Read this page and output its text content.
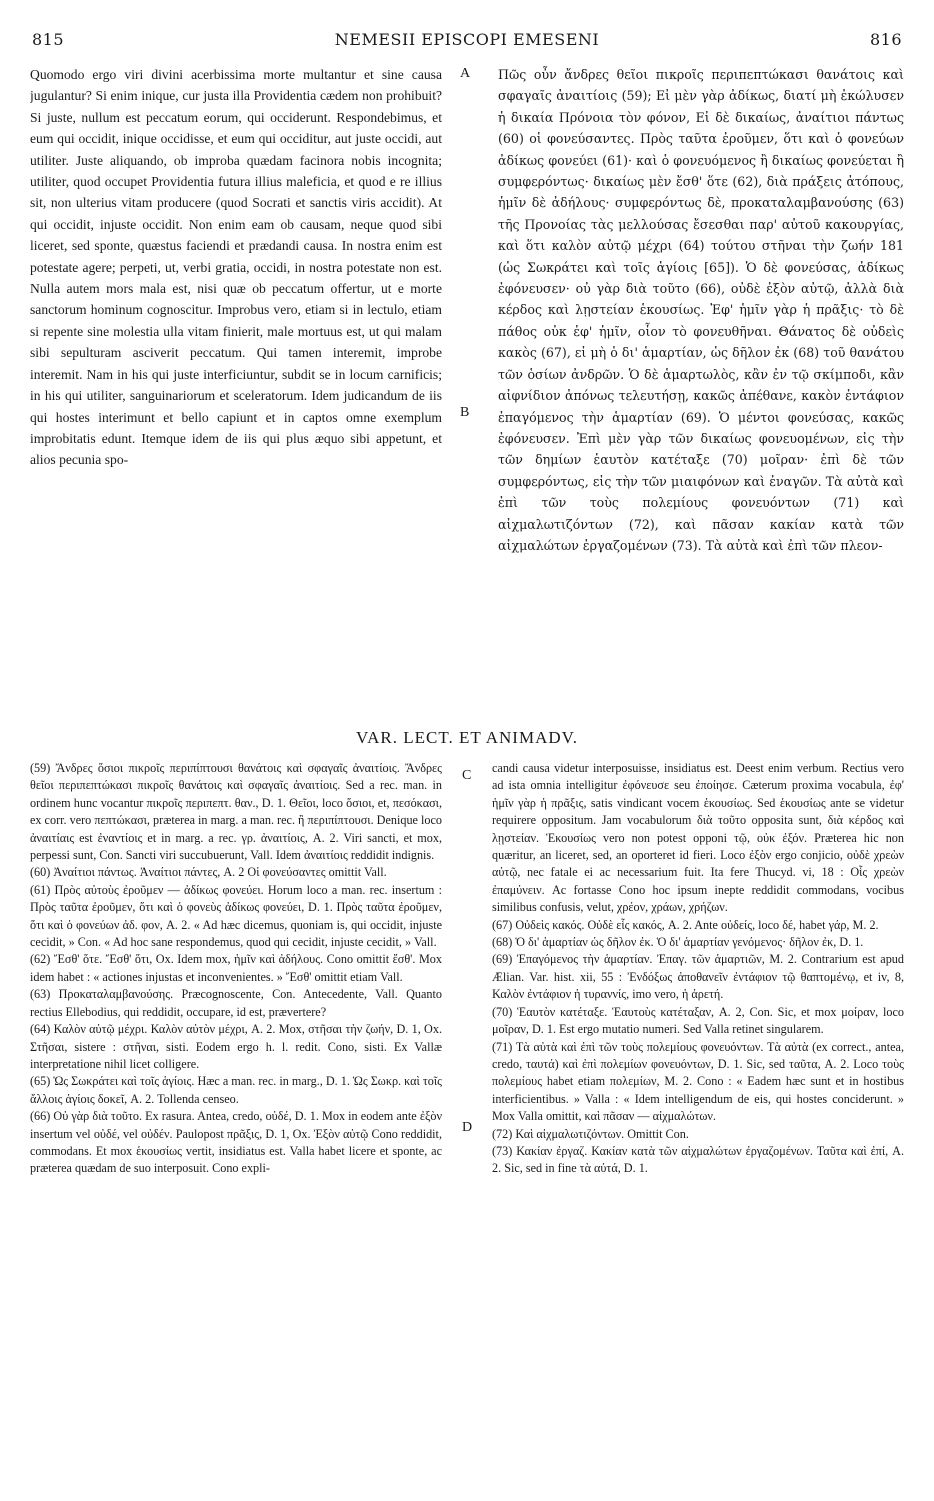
815	NEMESII EPISCOPI EMESENI	816

Quomodo ergo viri divini acerbissima morte multantur et sine causa jugulantur? Si enim inique, cur justa illa Providentia cædem non prohibuit? Si juste, nullum est peccatum eorum, qui occiderunt. Respondebimus, et eum qui occidit, inique occidisse, et eum qui occiditur, aut juste occidi, aut utiliter. Juste aliquando, ob improba quædam facinora nobis incognita; utiliter, quod occupet Providentia futura illius maleficia, et quod e re illius sit, non ulterius vitam producere (quod Socrati et sanctis viris accidit). At qui occidit, injuste occidit. Non enim eam ob causam, neque quod sibi liceret, sed sponte, quæstus faciendi et prædandi causa. In nostra enim est potestate agere; perpeti, ut, verbi gratia, occidi, in nostra potestate non est. Nulla autem mors mala est, nisi quæ ob peccatum offertur, ut e morte sanctorum hominum cognoscitur. Improbus vero, etiam si in lectulo, etiam si repente sine molestia ulla vitam finierit, male mortuus est, ut qui malam sibi sepulturam asciverit peccatum. Qui tamen interemit, improbe interemit. Nam in his qui juste interficiuntur, subdit se in locum carnificis; in his qui utiliter, sanguinariorum et sceleratorum. Idem judicandum de iis qui hostes interimunt et bello capiunt et in captos omne exemplum improbitatis edunt. Itemque idem de iis qui plus æquo sibi appetunt, et alios pecunia spo-

A
B

Πῶς οὖν ἄνδρες θεῖοι πικροῖς περιπεπτώκασι θανάτοις καὶ σφαγαῖς ἀναιτίοις (59); Εἰ μὲν γὰρ ἀδίκως, διατί μὴ ἐκώλυσεν ἡ δικαία Πρόνοια τὸν φόνον, Εἰ δὲ δικαίως, ἀναίτιοι πάντως (60) οἱ φονεύσαντες. Πρὸς ταῦτα ἐροῦμεν, ὅτι καὶ ὁ φονεύων ἀδίκως φονεύει (61)· καὶ ὁ φονευόμενος ἢ δικαίως φονεύεται ἢ συμφερόντως· δικαίως μὲν ἔσθ' ὅτε (62), διὰ πράξεις ἀτόπους, ἡμῖν δὲ ἀδήλους· συμφερόντως δὲ, προκαταλαμβανούσης (63) τῆς Προνοίας τὰς μελλούσας ἔσεσθαι παρ' αὐτοῦ κακουργίας, καὶ ὅτι καλὸν αὐτῷ μέχρι (64) τούτου στῆναι τὴν ζωήν 181 (ὡς Σωκράτει καὶ τοῖς ἁγίοις [65]). Ὁ δὲ φονεύσας, ἀδίκως ἐφόνευσεν· οὐ γὰρ διὰ τοῦτο (66), οὐδὲ ἐξὸν αὐτῷ, ἀλλὰ διὰ κέρδος καὶ λῃστείαν ἑκουσίως. Ἐφ' ἡμῖν γὰρ ἡ πρᾶξις· τὸ δὲ πάθος οὐκ ἐφ' ἡμῖν, οἷον τὸ φονευθῆναι. Θάνατος δὲ οὐδεὶς κακὸς (67), εἰ μὴ ὁ δι' ἁμαρτίαν, ὡς δῆλον ἐκ (68) τοῦ θανάτου τῶν ὁσίων ἀνδρῶν. Ὁ δὲ ἁμαρτωλὸς, κἂν ἐν τῷ σκίμποδι, κἂν αἰφνίδιον ἀπόνως τελευτήσῃ, κακῶς ἀπέθανε, κακὸν ἐντάφιον ἐπαγόμενος τὴν ἁμαρτίαν (69). Ὁ μέντοι φονεύσας, κακῶς ἐφόνευσεν. Ἐπὶ μὲν γὰρ τῶν δικαίως φονευομένων, εἰς τὴν τῶν δημίων ἑαυτὸν κατέταξε (70) μοῖραν· ἐπὶ δὲ τῶν συμφερόντως, εἰς τὴν τῶν μιαιφόνων καὶ ἐναγῶν. Τὰ αὐτὰ καὶ ἐπὶ τῶν τοὺς πολεμίους φονευόντων (71) καὶ αἰχμαλωτιζόντων (72), καὶ πᾶσαν κακίαν κατὰ τῶν αἰχμαλώτων ἐργαζομένων (73). Τὰ αὐτὰ καὶ ἐπὶ τῶν πλεον-

VAR. LECT. ET ANIMADV.

(59) Ἄνδρες ὅσιοι πικροῖς περιπίπτουσι θανάτοις καὶ σφαγαῖς ἀναιτίοις. Ἄνδρες θεῖοι περιπεπτώκασι πικροῖς θανάτοις καὶ σφαγαῖς ἀναιτίοις. Sed a rec. man. in ordinem hunc vocantur πικροῖς περιπεπτ. θαν., D. 1. Θεῖοι, loco ὅσιοι, et, πεσόκασι, ex corr. vero πεπτώκασι, præterea in marg. a man. rec. ἢ περιπίπτουσι. Denique loco ἀναιτίαις est ἐναντίοις et in marg. a rec. γρ. ἀναιτίοις, A. 2. Viri sancti, et mox, perpessi sunt, Con. Sancti viri succubuerunt, Vall. Idem ἀναιτίοις reddidit indignis.

(60) Ἀναίτιοι πάντως. Ἀναίτιοι πάντες, A. 2 Οἱ φονεύσαντες omittit Vall.

(61) Πρὸς αὐτοὺς ἐροῦμεν — ἀδίκως φονεύει. Horum loco a man. rec. insertum : Πρὸς ταῦτα ἐροῦμεν, ὅτι καὶ ὁ φονεὺς ἀδίκως φονεύει, D. 1. Πρὸς ταῦτα ἐροῦμεν, ὅτι καὶ ὁ φονεύων ἀδ. φον, A. 2. « Ad hæc dicemus, quoniam is, qui occidit, injuste cecidit, » Con. « Ad hoc sane respondemus, quod qui cecidit, injuste cecidit, » Vall.

(62) Ἔσθ' ὅτε. Ἔσθ' ὅτι, Ox. Idem mox, ἡμῖν καὶ ἀδήλους. Cono omittit ἔσθ'. Mox idem habet : « actiones injustas et inconvenientes. » Ἔσθ' omittit etiam Vall.

(63) Προκαταλαμβανούσης. Præcognoscente, Con. Antecedente, Vall. Quanto rectius Ellebodius, qui reddidit, occupare, id est, prævertere?

(64) Καλὸν αὐτῷ μέχρι. Καλὸν αὐτὸν μέχρι, A. 2. Mox, στῆσαι τὴν ζωήν, D. 1, Ox. Στῆσαι, sistere : στῆναι, sisti. Eodem ergo h. l. redit. Cono, sisti. Ex Vallæ interpretatione nihil licet colligere.

(65) Ὡς Σωκράτει καὶ τοῖς ἁγίοις. Hæc a man. rec. in marg., D. 1. Ὡς Σωκρ. καὶ τοῖς ἄλλοις ἁγίοις δοκεῖ, A. 2. Tollenda censeo.

(66) Οὐ γὰρ διὰ τοῦτο. Ex rasura. Antea, credo, οὐδέ, D. 1. Mox in eodem ante ἐξὸν insertum vel οὐδέ, vel οὐδέν. Paulopost πρᾶξις, D. 1, Ox. Ἐξὸν αὐτῷ Cono reddidit, commodans. Et mox ἑκουσίως vertit, insidiatus est. Valla habet licere et sponte, ac præterea quædam de suo interposuit. Cono expli-

C
D

candi causa videtur interposuisse, insidiatus est. Deest enim verbum. Rectius vero ad ista omnia intelligitur ἐφόνευσε seu ἐποίησε. Cæterum proxima vocabula, ἐφ' ἡμῖν γὰρ ἡ πρᾶξις, satis vindicant vocem ἑκουσίως. Sed ἑκουσίως ante se videtur requirere oppositum. Jam vocabulorum διὰ τοῦτο opposita sunt, διὰ κέρδος καὶ λῃστείαν. Ἑκουσίως vero non potest opponi τῷ, οὐκ ἐξόν. Præterea hic non quæritur, an liceret, sed, an oporteret id fieri. Loco ἐξὸν ergo conjicio, οὐδὲ χρεὼν αὐτῷ, nec fatale ei ac necessarium fuit. Ita fere Thucyd. vi, 18 : Οἷς χρεὼν ἐπαμύνειν. Ac fortasse Cono hoc ipsum inepte reddidit commodans, vocibus similibus confusis, velut, χρέον, χράων, χρήζων.

(67) Οὐδεὶς κακός. Οὐδὲ εἷς κακός, A. 2. Ante οὐδείς, loco δέ, habet γάρ, M. 2.

(68) Ὁ δι' ἁμαρτίαν ὡς δῆλον ἐκ. Ὁ δι' ἁμαρτίαν γενόμενος· δῆλον ἐκ, D. 1.

(69) Ἐπαγόμενος τὴν ἁμαρτίαν. Ἐπαγ. τῶν ἁμαρτιῶν, M. 2. Contrarium est apud Ælian. Var. hist. xii, 55 : Ἐνδόξως ἀποθανεῖν ἐντάφιον τῷ θαπτομένῳ, et iv, 8, Καλὸν ἐντάφιον ἡ τυραννίς, imo vero, ἡ ἀρετή.

(70) Ἑαυτὸν κατέταξε. Ἑαυτοὺς κατέταξαν, A. 2, Con. Sic, et mox μοίραν, loco μοῖραν, D. 1. Est ergo mutatio numeri. Sed Valla retinet singularem.

(71) Τὰ αὐτὰ καὶ ἐπὶ τῶν τοὺς πολεμίους φονευόντων. Τὰ αὐτὰ (ex correct., antea, credo, ταυτά) καὶ ἐπὶ πολεμίων φονευόντων, D. 1. Sic, sed ταῦτα, A. 2. Loco τοὺς πολεμίους habet etiam πολεμίων, M. 2. Cono : « Eadem hæc sunt et in hostibus interficientibus. » Valla : « Idem intelligendum de eis, qui hostes conciderunt. » Mox Valla omittit, καὶ πᾶσαν — αἰχμαλώτων.

(72) Καὶ αἰχμαλωτιζόντων. Omittit Con.

(73) Κακίαν ἐργαζ. Κακίαν κατὰ τῶν αἰχμαλώτων ἐργαζομένων. Ταῦτα καὶ ἐπί, A. 2. Sic, sed in fine τὰ αὐτά, D. 1.
